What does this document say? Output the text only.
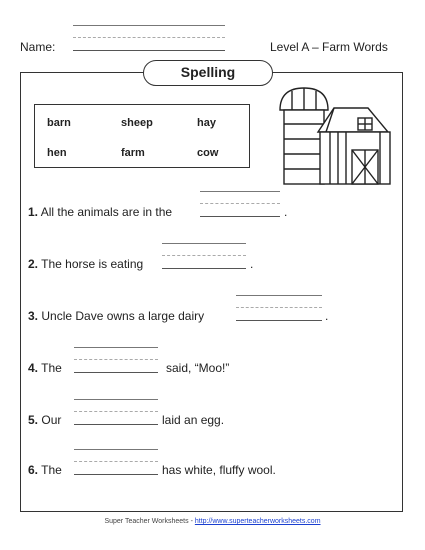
Name:	Level A – Farm Words
Spelling
barn	sheep	hay
hen	farm	cow
1. All the animals are in the	.
2. The horse is eating	.
3. Uncle Dave owns a large dairy	.
4. The	said, “Moo!”
5. Our	laid an egg.
6. The	has white, fluffy wool.
Super Teacher Worksheets - http://www.superteacherworksheets.com
